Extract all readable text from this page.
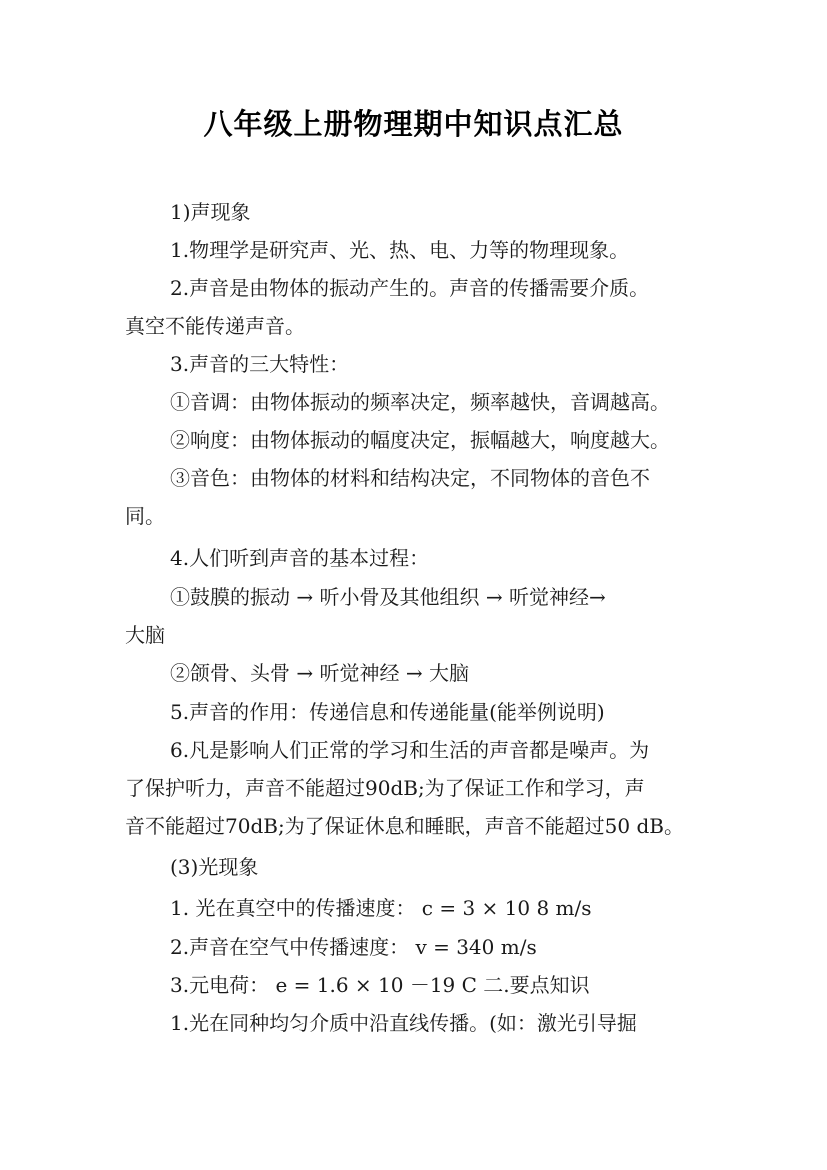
八年级上册物理期中知识点汇总
1)声现象
1.物理学是研究声、光、热、电、力等的物理现象。
2.声音是由物体的振动产生的。声音的传播需要介质。
真空不能传递声音。
3.声音的三大特性：
①音调：由物体振动的频率决定，频率越快，音调越高。
②响度：由物体振动的幅度决定，振幅越大，响度越大。
③音色：由物体的材料和结构决定，不同物体的音色不
同。
4.人们听到声音的基本过程：
①鼓膜的振动 → 听小骨及其他组织 → 听觉神经→
大脑
②颌骨、头骨 → 听觉神经 → 大脑
5.声音的作用：传递信息和传递能量(能举例说明)
6.凡是影响人们正常的学习和生活的声音都是噪声。为
了保护听力，声音不能超过90dB;为了保证工作和学习，声
音不能超过70dB;为了保证休息和睡眠，声音不能超过50 dB。
(3)光现象
1. 光在真空中的传播速度： c = 3 × 10 8 m/s
2.声音在空气中传播速度： v = 340 m/s
3.元电荷： e = 1.6 × 10 －19 C 二.要点知识
1.光在同种均匀介质中沿直线传播。(如：激光引导掘
